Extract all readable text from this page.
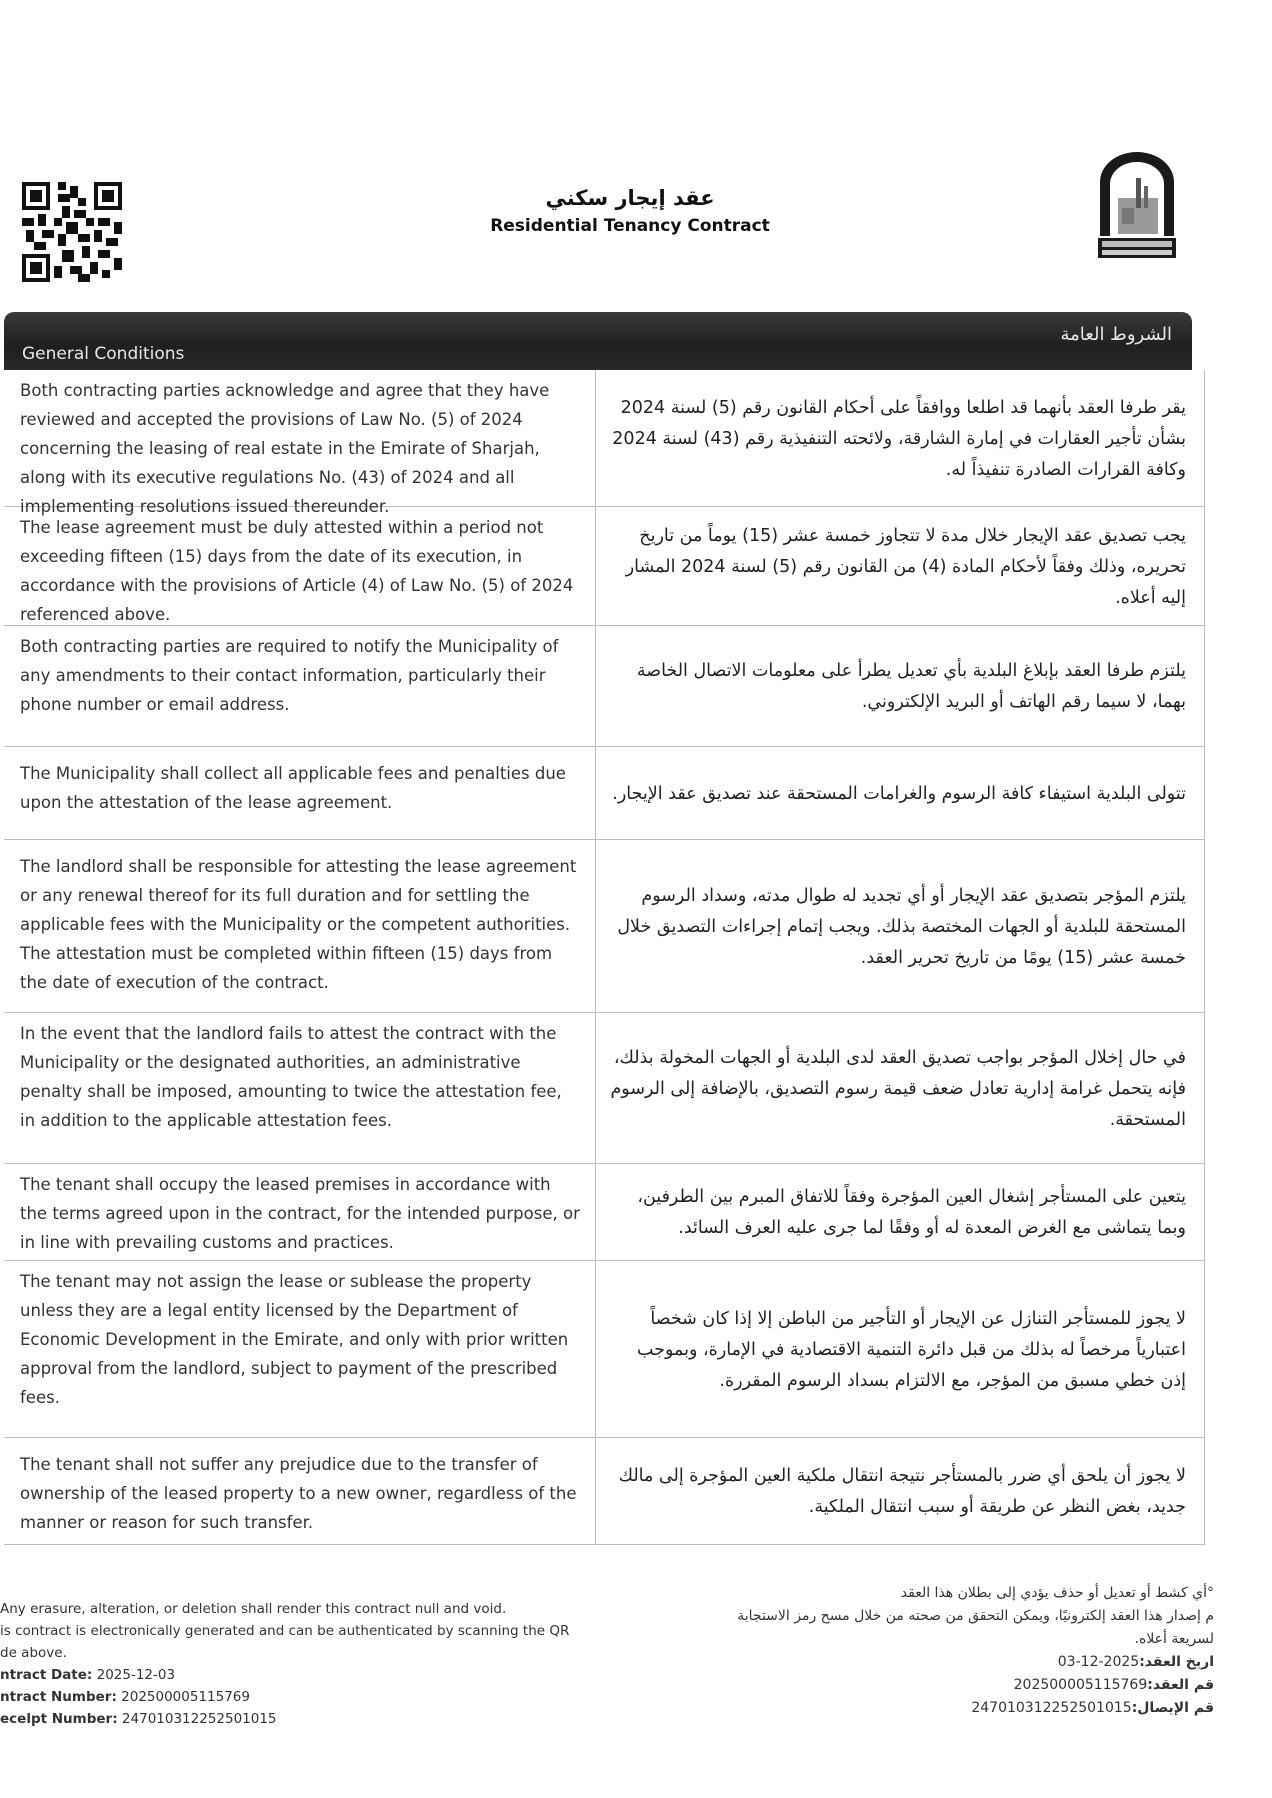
عقد إيجار سكني
Residential Tenancy Contract
General Conditions
الشروط العامة
Both contracting parties acknowledge and agree that they have reviewed and accepted the provisions of Law No. (5) of 2024 concerning the leasing of real estate in the Emirate of Sharjah, along with its executive regulations No. (43) of 2024 and all implementing resolutions issued thereunder.
يقر طرفا العقد بأنهما قد اطلعا ووافقاً على أحكام القانون رقم (5) لسنة 2024 بشأن تأجير العقارات في إمارة الشارقة، ولائحته التنفيذية رقم (43) لسنة 2024 وكافة القرارات الصادرة تنفيذاً له.
The lease agreement must be duly attested within a period not exceeding fifteen (15) days from the date of its execution, in accordance with the provisions of Article (4) of Law No. (5) of 2024 referenced above.
يجب تصديق عقد الإيجار خلال مدة لا تتجاوز خمسة عشر (15) يوماً من تاريخ تحريره، وذلك وفقاً لأحكام المادة (4) من القانون رقم (5) لسنة 2024 المشار إليه أعلاه.
Both contracting parties are required to notify the Municipality of any amendments to their contact information, particularly their phone number or email address.
يلتزم طرفا العقد بإبلاغ البلدية بأي تعديل يطرأ على معلومات الاتصال الخاصة بهما، لا سيما رقم الهاتف أو البريد الإلكتروني.
The Municipality shall collect all applicable fees and penalties due upon the attestation of the lease agreement.	تتولى البلدية استيفاء كافة الرسوم والغرامات المستحقة عند تصديق عقد الإيجار.
The landlord shall be responsible for attesting the lease agreement or any renewal thereof for its full duration and for settling the applicable fees with the Municipality or the competent authorities. The attestation must be completed within fifteen (15) days from the date of execution of the contract.
يلتزم المؤجر بتصديق عقد الإيجار أو أي تجديد له طوال مدته، وسداد الرسوم المستحقة للبلدية أو الجهات المختصة بذلك. ويجب إتمام إجراءات التصديق خلال خمسة عشر (15) يومًا من تاريخ تحرير العقد.
In the event that the landlord fails to attest the contract with the Municipality or the designated authorities, an administrative penalty shall be imposed, amounting to twice the attestation fee, in addition to the applicable attestation fees.
في حال إخلال المؤجر بواجب تصديق العقد لدى البلدية أو الجهات المخولة بذلك، فإنه يتحمل غرامة إدارية تعادل ضعف قيمة رسوم التصديق، بالإضافة إلى الرسوم المستحقة.
The tenant shall occupy the leased premises in accordance with the terms agreed upon in the contract, for the intended purpose, or in line with prevailing customs and practices.
يتعين على المستأجر إشغال العين المؤجرة وفقاً للاتفاق المبرم بين الطرفين، وبما يتماشى مع الغرض المعدة له أو وفقًا لما جرى عليه العرف السائد.
The tenant may not assign the lease or sublease the property unless they are a legal entity licensed by the Department of Economic Development in the Emirate, and only with prior written approval from the landlord, subject to payment of the prescribed fees.
لا يجوز للمستأجر التنازل عن الإيجار أو التأجير من الباطن إلا إذا كان شخصاً اعتبارياً مرخصاً له بذلك من قبل دائرة التنمية الاقتصادية في الإمارة، وبموجب إذن خطي مسبق من المؤجر، مع الالتزام بسداد الرسوم المقررة.
The tenant shall not suffer any prejudice due to the transfer of ownership of the leased property to a new owner, regardless of the manner or reason for such transfer.
لا يجوز أن يلحق أي ضرر بالمستأجر نتيجة انتقال ملكية العين المؤجرة إلى مالك جديد، بغض النظر عن طريقة أو سبب انتقال الملكية.
Any erasure, alteration, or deletion shall render this contract null and void.
is contract is electronically generated and can be authenticated by scanning the QR
de above.
ntract Date: 2025-12-03
ntract Number: 202500005115769
ecelpt Number: 247010312252501015
°أي كشط أو تعديل أو حذف يؤدي إلى بطلان هذا العقد
م إصدار هذا العقد إلكترونيًا، ويمكن التحقق من صحته من خلال مسح رمز الاستجابة
لسريعة أعلاه.
اريخ العقد:2025-12-03
قم العقد:202500005115769
قم الإيصال:247010312252501015
